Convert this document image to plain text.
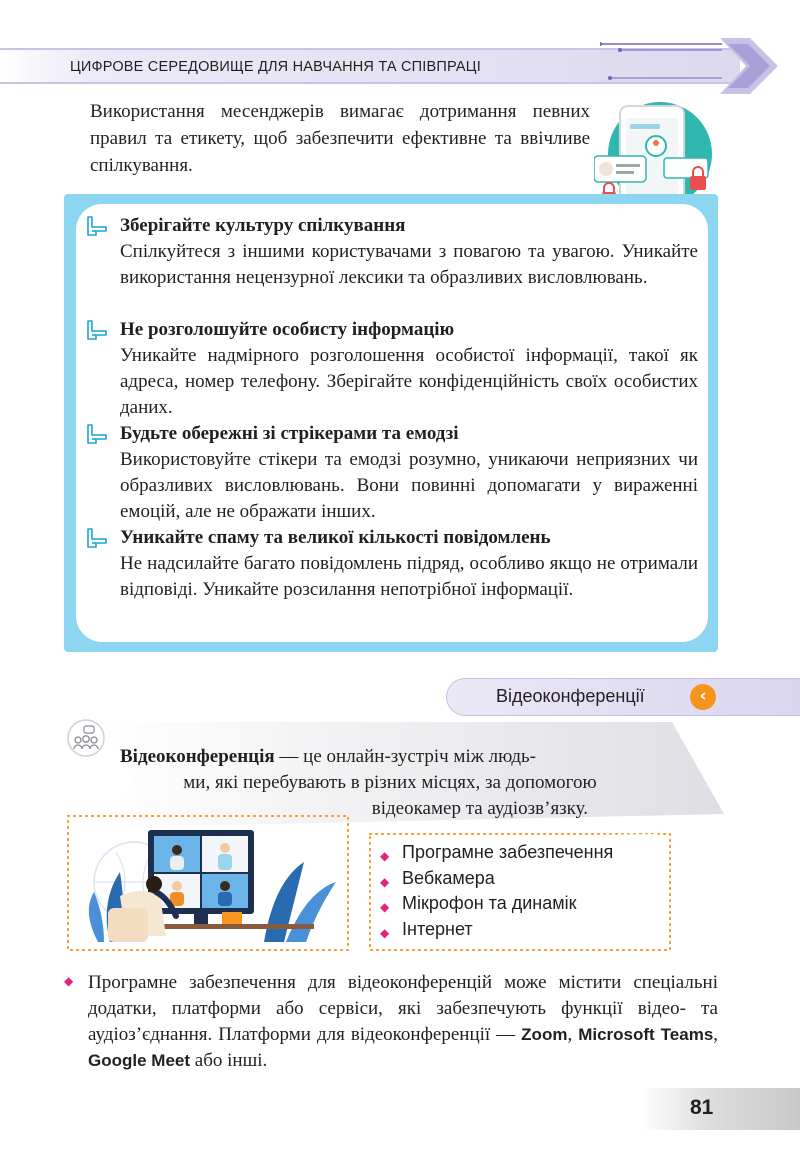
ЦИФРОВЕ СЕРЕДОВИЩЕ ДЛЯ НАВЧАННЯ ТА СПІВПРАЦІ
Використання месенджерів вимагає дотримання певних правил та етикету, щоб забезпечити ефективне та ввічливе спілкування.
Зберігайте культуру спілкування
Спілкуйтеся з іншими користувачами з повагою та увагою. Уникайте використання нецензурної лексики та образливих висловлювань.
Не розголошуйте особисту інформацію
Уникайте надмірного розголошення особистої інформації, такої як адреса, номер телефону. Зберігайте конфіденційність своїх особистих даних.
Будьте обережні зі стрікерами та емодзі
Використовуйте стікери та емодзі розумно, уникаючи неприязних чи образливих висловлювань. Вони повинні допомагати у вираженні емоцій, але не ображати інших.
Уникайте спаму та великої кількості повідомлень
Не надсилайте багато повідомлень підряд, особливо якщо не отримали відповіді. Уникайте розсилання непотрібної інформації.
Відеоконференції	‹
Відеоконференція — це онлайн-зустріч між людь-
ми, які перебувають в різних місцях, за допомогою
відеокамер та аудіозв’язку.
◆ Програмне забезпечення
◆ Вебкамера
◆ Мікрофон та динамік
◆ Інтернет
◆ Програмне забезпечення для відеоконференцій може містити спеціальні додатки, платформи або сервіси, які забезпечують функції відео- та аудіоз’єднання. Платформи для відеоконференції — Zoom, Microsoft Teams, Google Meet або інші.
81
